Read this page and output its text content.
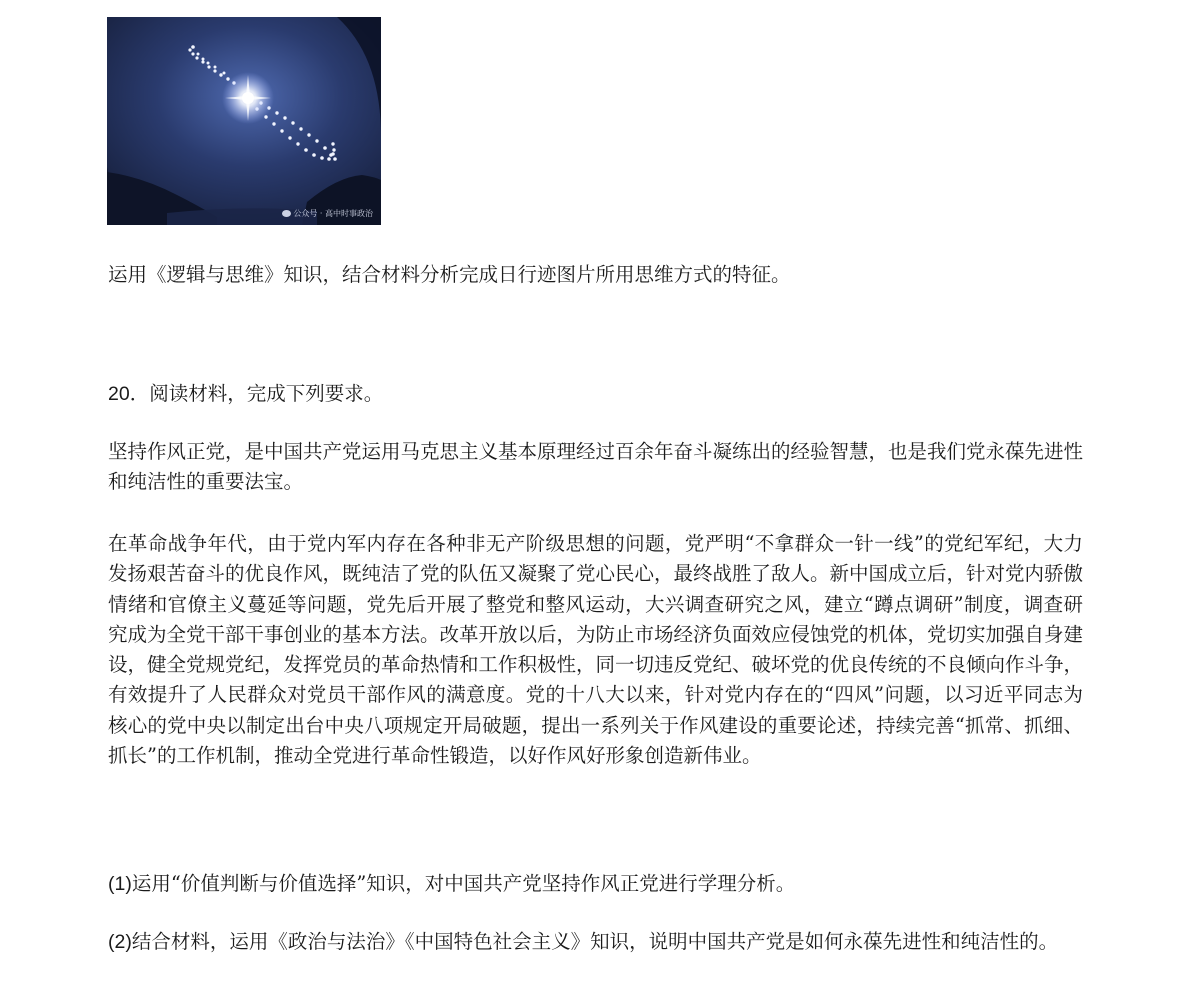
公众号 · 高中时事政治
运用《逻辑与思维》知识，结合材料分析完成日行迹图片所用思维方式的特征。
20．阅读材料，完成下列要求。

坚持作风正党，是中国共产党运用马克思主义基本原理经过百余年奋斗凝练出的经验智慧，也是我们党永葆先进性和纯洁性的重要法宝。

在革命战争年代，由于党内军内存在各种非无产阶级思想的问题，党严明“不拿群众一针一线”的党纪军纪，大力发扬艰苦奋斗的优良作风，既纯洁了党的队伍又凝聚了党心民心，最终战胜了敌人。新中国成立后，针对党内骄傲情绪和官僚主义蔓延等问题，党先后开展了整党和整风运动，大兴调查研究之风，建立“蹲点调研”制度，调查研究成为全党干部干事创业的基本方法。改革开放以后，为防止市场经济负面效应侵蚀党的机体，党切实加强自身建设，健全党规党纪，发挥党员的革命热情和工作积极性，同一切违反党纪、破坏党的优良传统的不良倾向作斗争，有效提升了人民群众对党员干部作风的满意度。党的十八大以来，针对党内存在的“四风”问题，以习近平同志为核心的党中央以制定出台中央八项规定开局破题，提出一系列关于作风建设的重要论述，持续完善“抓常、抓细、抓长”的工作机制，推动全党进行革命性锻造，以好作风好形象创造新伟业。

(1)运用“价值判断与价值选择”知识，对中国共产党坚持作风正党进行学理分析。

(2)结合材料，运用《政治与法治》《中国特色社会主义》知识，说明中国共产党是如何永葆先进性和纯洁性的。
